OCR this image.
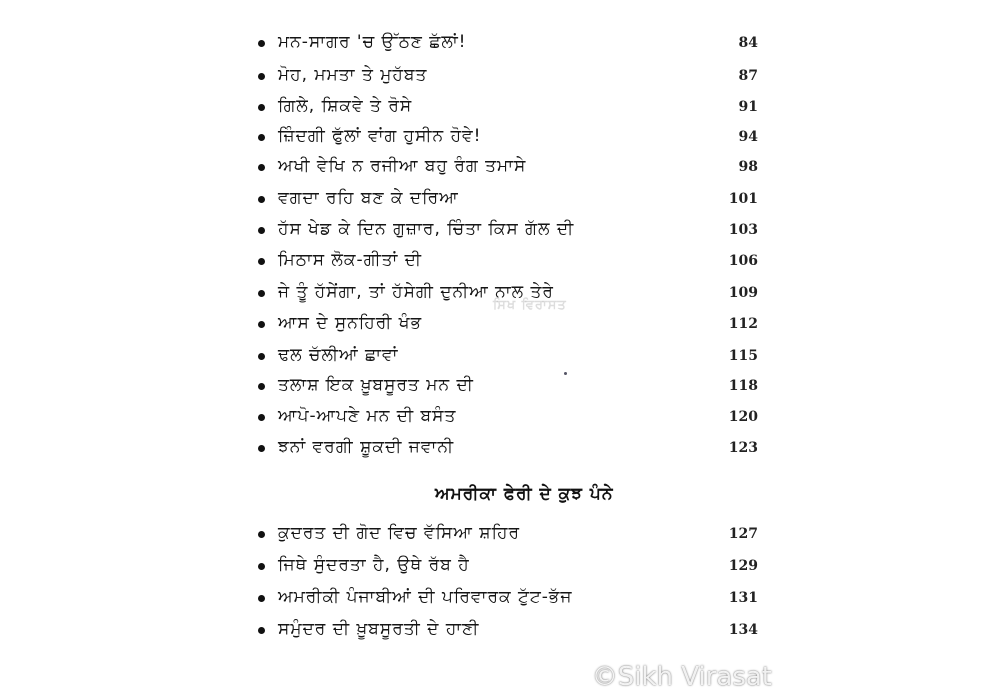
ਮਨ-ਸਾਗਰ 'ਚ ਉੱਠਣ ਛੱਲਾਂ!	84
ਮੋਹ, ਮਮਤਾ ਤੇ ਮੁਹੱਬਤ	87
ਗਿਲੇ, ਸ਼ਿਕਵੇ ਤੇ ਰੋਸੇ	91
ਜ਼ਿੰਦਗੀ ਫੁੱਲਾਂ ਵਾਂਗ ਹੁਸੀਨ ਹੋਵੇ!	94
ਅਖੀ ਵੇਖਿ ਨ ਰਜੀਆ ਬਹੁ ਰੰਗ ਤਮਾਸੇ	98
ਵਗਦਾ ਰਹਿ ਬਣ ਕੇ ਦਰਿਆ	101
ਹੱਸ ਖੇਡ ਕੇ ਦਿਨ ਗੁਜ਼ਾਰ, ਚਿੰਤਾ ਕਿਸ ਗੱਲ ਦੀ	103
ਮਿਠਾਸ ਲੋਕ-ਗੀਤਾਂ ਦੀ	106
ਜੇ ਤੂੰ ਹੱਸੇਂਗਾ, ਤਾਂ ਹੱਸੇਗੀ ਦੁਨੀਆ ਨਾਲ ਤੇਰੇ	109
ਆਸ ਦੇ ਸੁਨਹਿਰੀ ਖੰਭ	112
ਢਲ ਚੱਲੀਆਂ ਛਾਵਾਂ	115
ਤਲਾਸ਼ ਇਕ ਖ਼ੂਬਸੂਰਤ ਮਨ ਦੀ	118
ਆਪੋ-ਆਪਣੇ ਮਨ ਦੀ ਬਸੰਤ	120
ਝਨਾਂ ਵਰਗੀ ਸ਼ੂਕਦੀ ਜਵਾਨੀ	123
ਅਮਰੀਕਾ ਫੇਰੀ ਦੇ ਕੁਝ ਪੰਨੇ
ਕੁਦਰਤ ਦੀ ਗੋਦ ਵਿਚ ਵੱਸਿਆ ਸ਼ਹਿਰ	127
ਜਿਥੇ ਸੁੰਦਰਤਾ ਹੈ, ਉਥੇ ਰੱਬ ਹੈ	129
ਅਮਰੀਕੀ ਪੰਜਾਬੀਆਂ ਦੀ ਪਰਿਵਾਰਕ ਟੁੱਟ-ਭੱਜ	131
ਸਮੁੰਦਰ ਦੀ ਖ਼ੂਬਸੂਰਤੀ ਦੇ ਹਾਣੀ	134
ਸਿਖ ਵਿਰਾਸਤ
©Sikh Virasat
